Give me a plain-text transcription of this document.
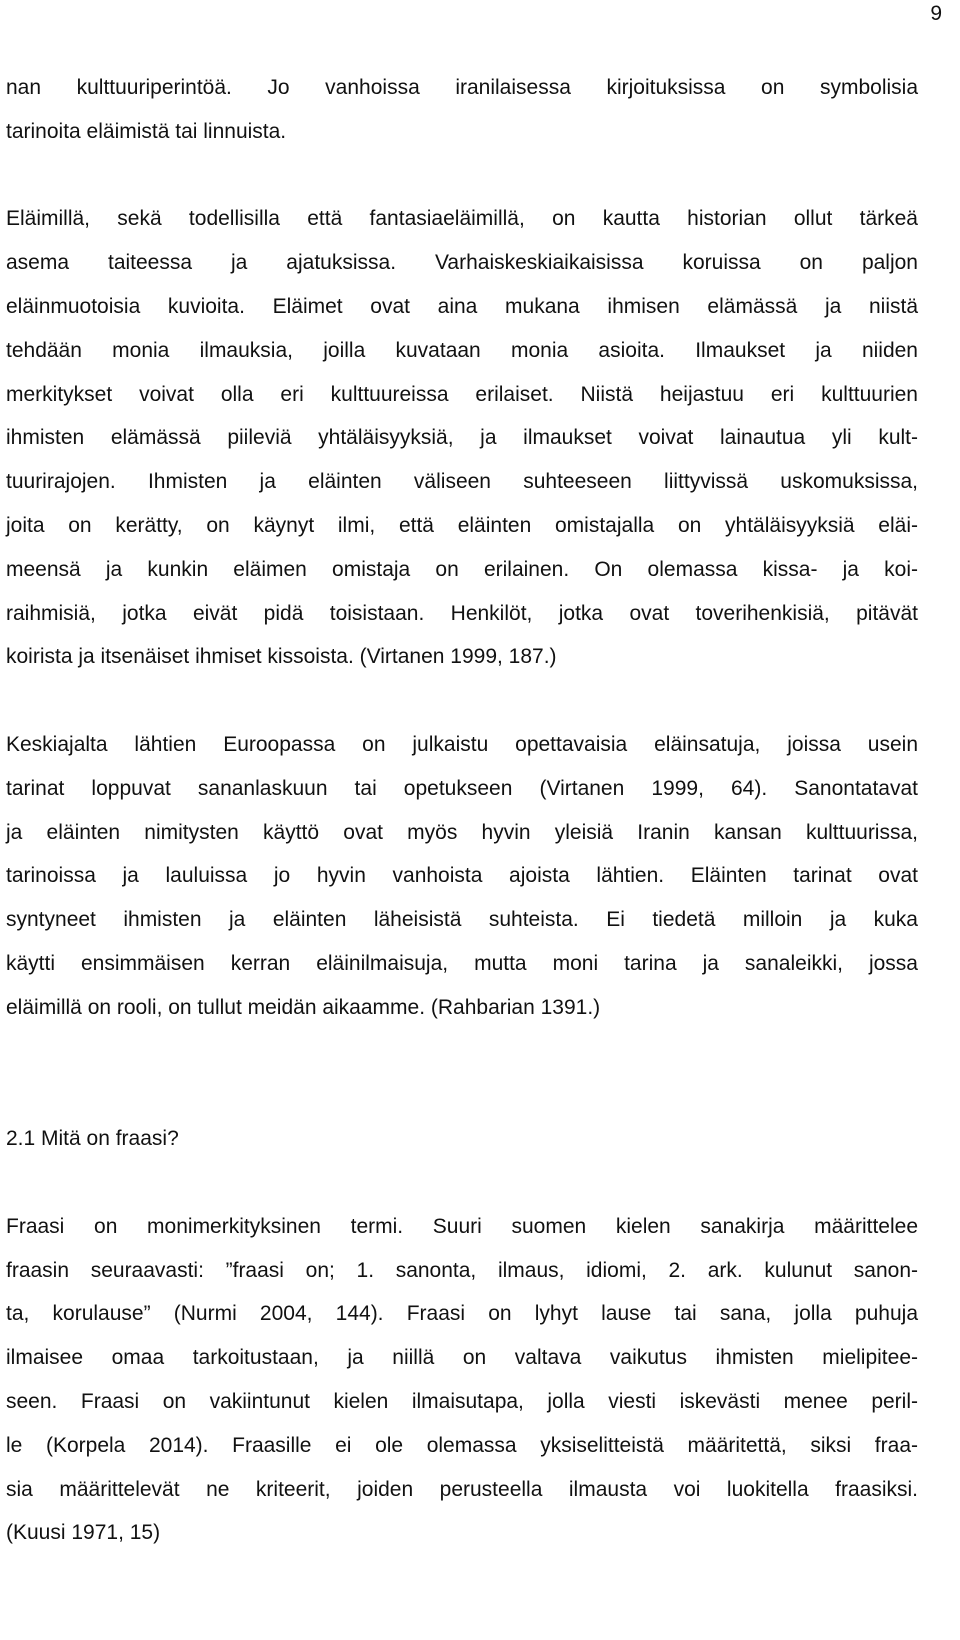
9
nan kulttuuriperintöä. Jo vanhoissa iranilaisessa kirjoituksissa on symbolisia
tarinoita eläimistä tai linnuista.
Eläimillä, sekä todellisilla että fantasiaeläimillä, on kautta historian ollut tärkeä
asema taiteessa ja ajatuksissa. Varhaiskeskiaikaisissa koruissa on paljon
eläinmuotoisia kuvioita. Eläimet ovat aina mukana ihmisen elämässä ja niistä
tehdään monia ilmauksia, joilla kuvataan monia asioita. Ilmaukset ja niiden
merkitykset voivat olla eri kulttuureissa erilaiset. Niistä heijastuu eri kulttuurien
ihmisten elämässä piileviä yhtäläisyyksiä, ja ilmaukset voivat lainautua yli kult-
tuurirajojen. Ihmisten ja eläinten väliseen suhteeseen liittyvissä uskomuksissa,
joita on kerätty, on käynyt ilmi, että eläinten omistajalla on yhtäläisyyksiä eläi-
meensä ja kunkin eläimen omistaja on erilainen. On olemassa kissa- ja koi-
raihmisiä, jotka eivät pidä toisistaan. Henkilöt, jotka ovat toverihenkisiä, pitävät
koirista ja itsenäiset ihmiset kissoista. (Virtanen 1999, 187.)
Keskiajalta lähtien Euroopassa on julkaistu opettavaisia eläinsatuja, joissa usein
tarinat loppuvat sananlaskuun tai opetukseen (Virtanen 1999, 64). Sanontatavat
ja eläinten nimitysten käyttö ovat myös hyvin yleisiä Iranin kansan kulttuurissa,
tarinoissa ja lauluissa jo hyvin vanhoista ajoista lähtien. Eläinten tarinat ovat
syntyneet ihmisten ja eläinten läheisistä suhteista. Ei tiedetä milloin ja kuka
käytti ensimmäisen kerran eläinilmaisuja, mutta moni tarina ja sanaleikki, jossa
eläimillä on rooli, on tullut meidän aikaamme. (Rahbarian 1391.)
2.1 Mitä on fraasi?
Fraasi on monimerkityksinen termi. Suuri suomen kielen sanakirja määrittelee
fraasin seuraavasti: ”fraasi on; 1. sanonta, ilmaus, idiomi, 2. ark. kulunut sanon-
ta, korulause” (Nurmi 2004, 144). Fraasi on lyhyt lause tai sana, jolla puhuja
ilmaisee omaa tarkoitustaan, ja niillä on valtava vaikutus ihmisten mielipitee-
seen. Fraasi on vakiintunut kielen ilmaisutapa, jolla viesti iskevästi menee peril-
le (Korpela 2014). Fraasille ei ole olemassa yksiselitteistä määritettä, siksi fraa-
sia määrittelevät ne kriteerit, joiden perusteella ilmausta voi luokitella fraasiksi.
(Kuusi 1971, 15)
